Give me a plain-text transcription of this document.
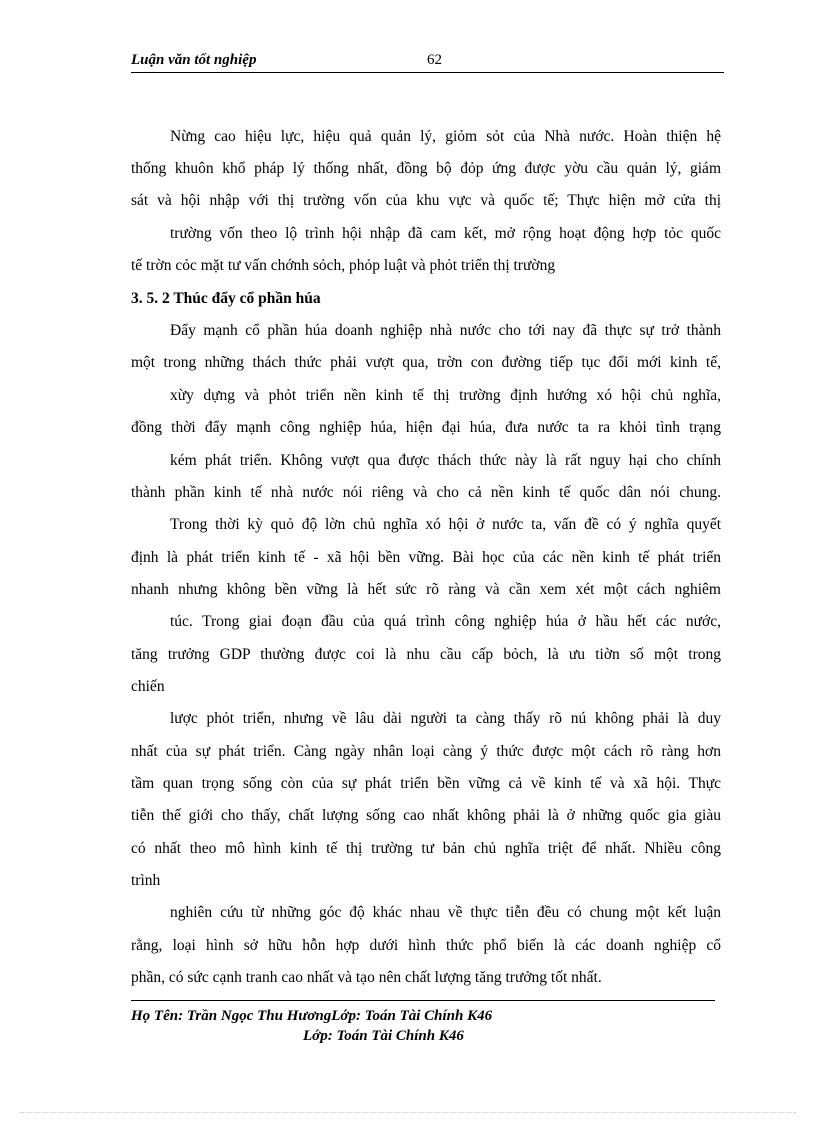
Luận văn tốt nghiệp	62
Nừng cao hiệu lực, hiệu quả quản lý, giỏm sỏt của Nhà nước. Hoàn thiện hệ
thống khuôn khổ pháp lý thống nhất, đồng bộ đỏp ứng được yờu cầu quản lý, giám
sát và hội nhập với thị trường vốn của khu vực và quốc tế; Thực hiện mở cửa thị
trường vốn theo lộ trình hội nhập đã cam kết, mở rộng hoạt động hợp tỏc quốc
tế trờn cỏc mặt tư vấn chớnh sỏch, phỏp luật và phỏt triển thị trường
3. 5. 2 Thúc đẩy cổ phần húa
Đẩy mạnh cổ phần húa doanh nghiệp nhà nước cho tới nay đã thực sự trở thành
một trong những thách thức phải vượt qua, trờn con đường tiếp tục đổi mới kinh tế,
xừy dựng và phỏt triển nền kinh tế thị trường định hướng xó hội chủ nghĩa,
đồng thời đẩy mạnh công nghiệp húa, hiện đại húa, đưa nước ta ra khỏi tình trạng
kém phát triển. Không vượt qua được thách thức này là rất nguy hại cho chính
thành phần kinh tế nhà nước nói riêng và cho cả nền kinh tế quốc dân nói chung.
Trong thời kỳ quỏ độ lờn chủ nghĩa xó hội ở nước ta, vấn đề có ý nghĩa quyết
định là phát triển kinh tế - xã hội bền vững. Bài học của các nền kinh tế phát triển
nhanh nhưng không bền vững là hết sức rõ ràng và cần xem xét một cách nghiêm
túc. Trong giai đoạn đầu của quá trình công nghiệp húa ở hầu hết các nước,
tăng trưởng GDP thường được coi là nhu cầu cấp bỏch, là ưu tiờn số một trong
chiến
lược phỏt triển, nhưng về lâu dài người ta càng thấy rõ nú không phải là duy
nhất của sự phát triển. Càng ngày nhân loại càng ý thức được một cách rõ ràng hơn
tầm quan trọng sống còn của sự phát triển bền vững cả về kinh tế và xã hội. Thực
tiễn thế giới cho thấy, chất lượng sống cao nhất không phải là ở những quốc gia giàu
có nhất theo mô hình kinh tế thị trường tư bản chủ nghĩa triệt để nhất. Nhiều công
trình
nghiên cứu từ những góc độ khác nhau về thực tiễn đều có chung một kết luận
rằng, loại hình sở hữu hỗn hợp dưới hình thức phổ biến là các doanh nghiệp cổ
phần, có sức cạnh tranh cao nhất và tạo nên chất lượng tăng trưởng tốt nhất.
Họ Tên: Trần Ngọc Thu HươngLớp: Toán Tài Chính K46
Lớp: Toán Tài Chính K46
